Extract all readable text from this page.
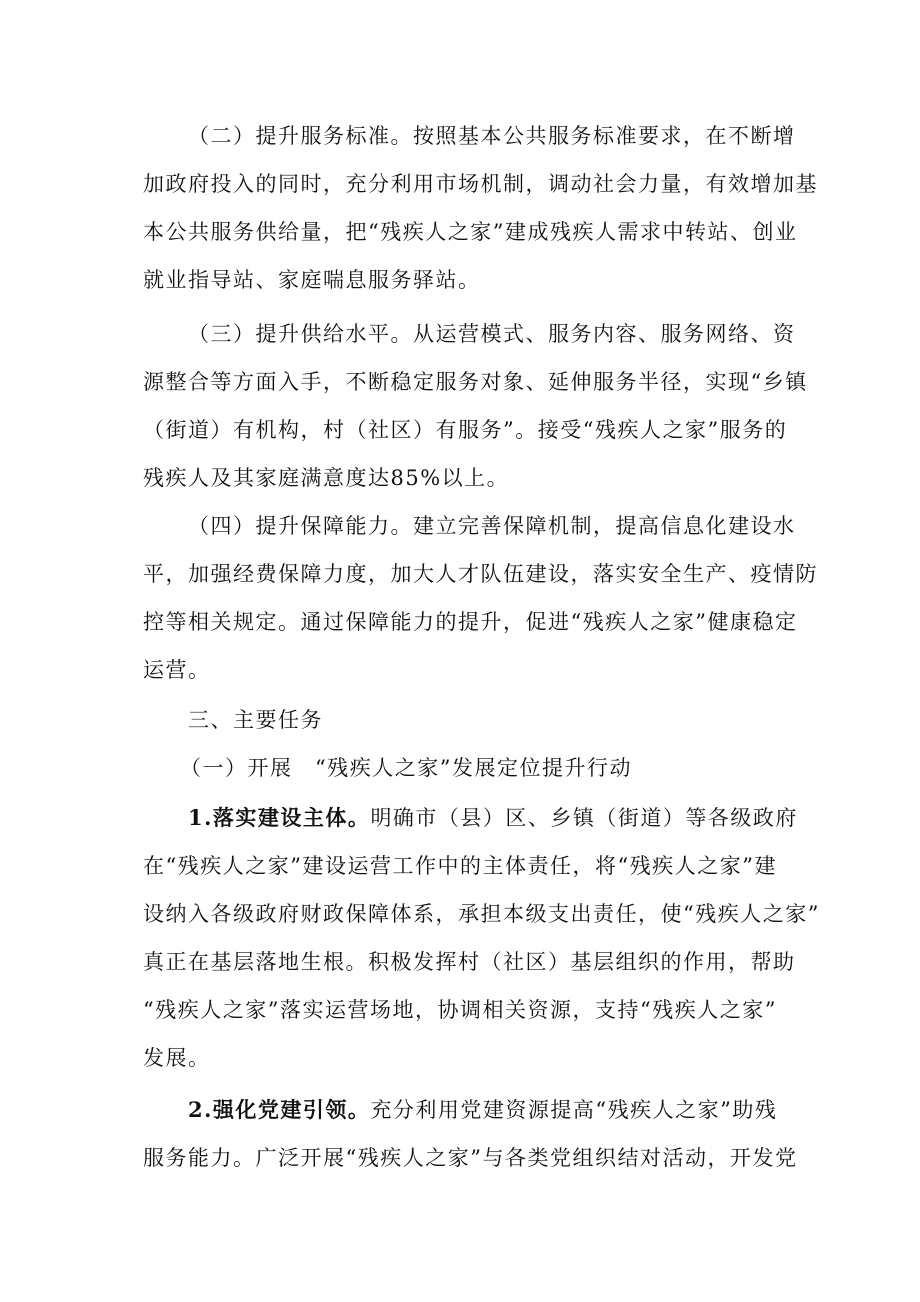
（二）提升服务标准。按照基本公共服务标准要求，在不断增
加政府投入的同时，充分利用市场机制，调动社会力量，有效增加基
本公共服务供给量，把“残疾人之家”建成残疾人需求中转站、创业
就业指导站、家庭喘息服务驿站。
（三）提升供给水平。从运营模式、服务内容、服务网络、资
源整合等方面入手，不断稳定服务对象、延伸服务半径，实现“乡镇
（街道）有机构，村（社区）有服务”。接受“残疾人之家”服务的
残疾人及其家庭满意度达85%以上。
（四）提升保障能力。建立完善保障机制，提高信息化建设水
平，加强经费保障力度，加大人才队伍建设，落实安全生产、疫情防
控等相关规定。通过保障能力的提升，促进“残疾人之家”健康稳定
运营。
三、主要任务
（一）开展　“残疾人之家”发展定位提升行动
1.落实建设主体。明确市（县）区、乡镇（街道）等各级政府
在“残疾人之家”建设运营工作中的主体责任，将“残疾人之家”建
设纳入各级政府财政保障体系，承担本级支出责任，使“残疾人之家”
真正在基层落地生根。积极发挥村（社区）基层组织的作用，帮助
“残疾人之家”落实运营场地，协调相关资源，支持“残疾人之家”
发展。
2.强化党建引领。充分利用党建资源提高“残疾人之家”助残
服务能力。广泛开展“残疾人之家”与各类党组织结对活动，开发党
